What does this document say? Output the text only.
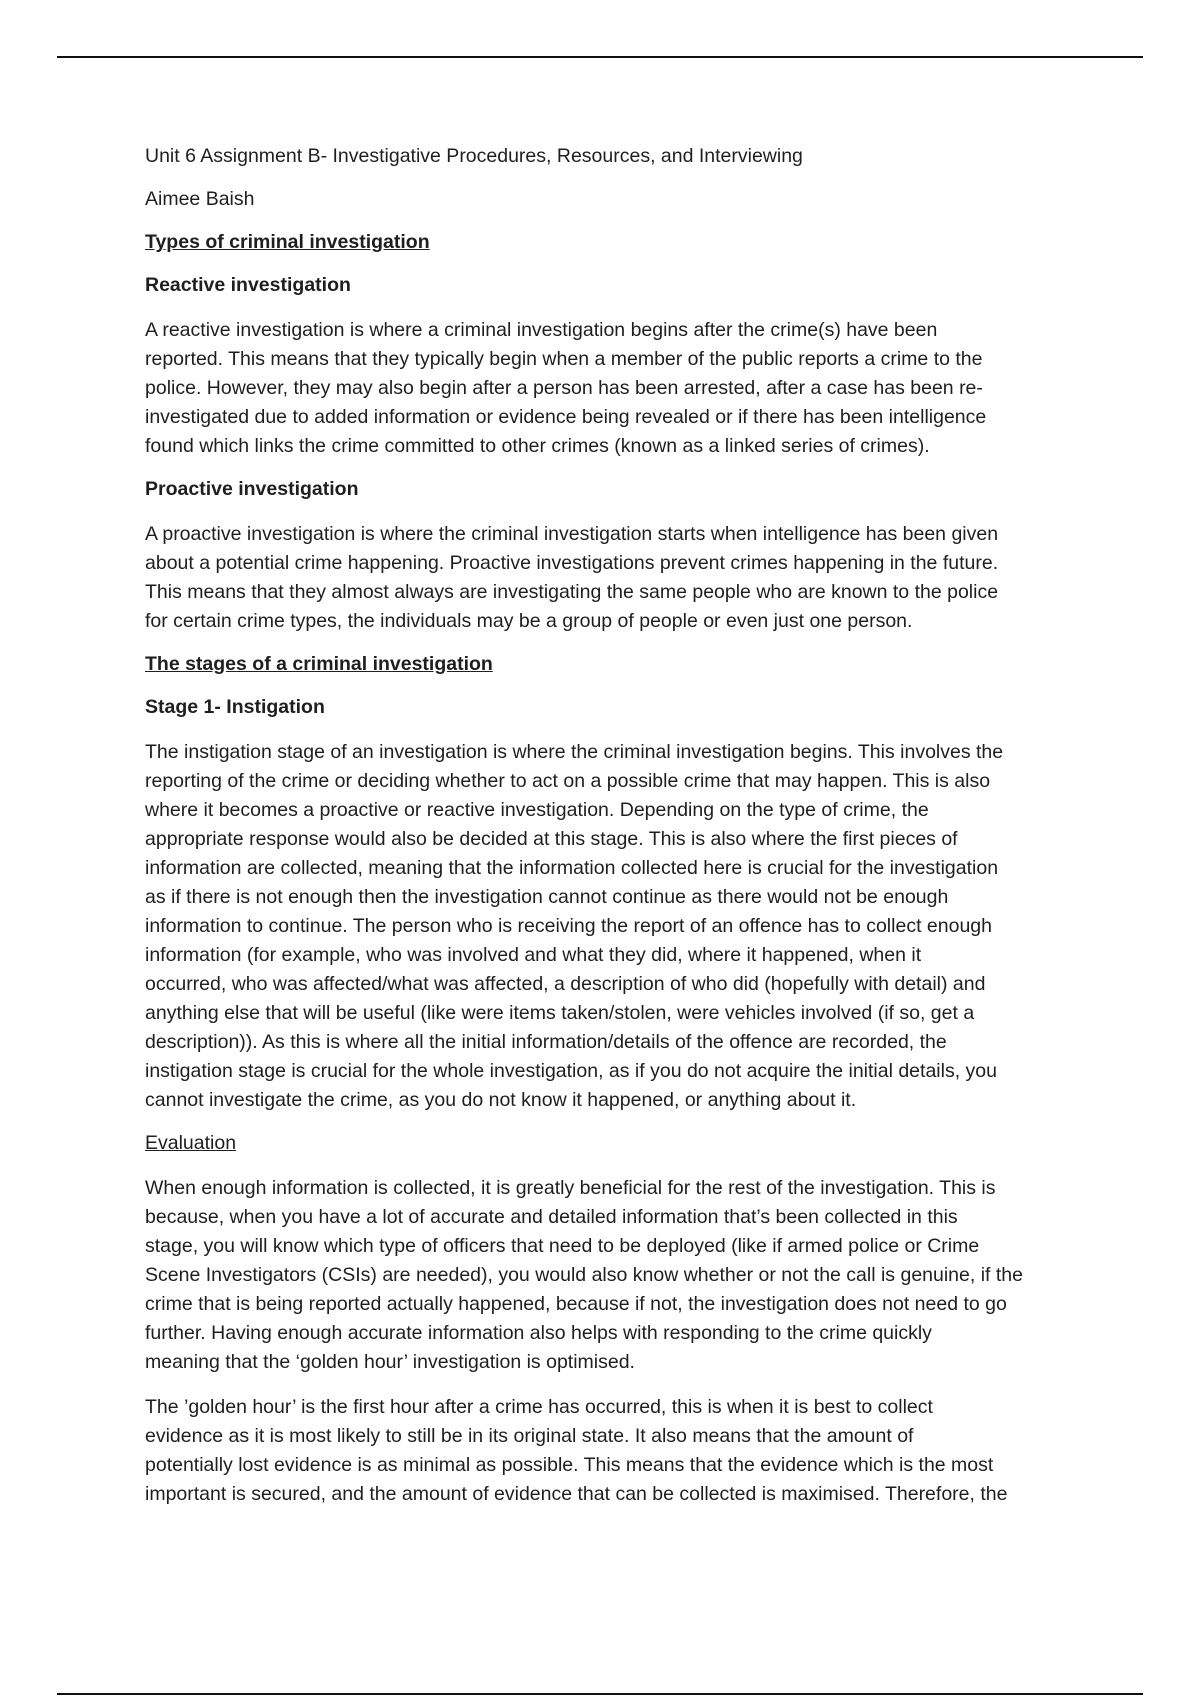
Unit 6 Assignment B- Investigative Procedures, Resources, and Interviewing
Aimee Baish
Types of criminal investigation
Reactive investigation
A reactive investigation is where a criminal investigation begins after the crime(s) have been
reported. This means that they typically begin when a member of the public reports a crime to the
police. However, they may also begin after a person has been arrested, after a case has been re-
investigated due to added information or evidence being revealed or if there has been intelligence
found which links the crime committed to other crimes (known as a linked series of crimes).
Proactive investigation
A proactive investigation is where the criminal investigation starts when intelligence has been given
about a potential crime happening. Proactive investigations prevent crimes happening in the future.
This means that they almost always are investigating the same people who are known to the police
for certain crime types, the individuals may be a group of people or even just one person.
The stages of a criminal investigation
Stage 1- Instigation
The instigation stage of an investigation is where the criminal investigation begins. This involves the
reporting of the crime or deciding whether to act on a possible crime that may happen. This is also
where it becomes a proactive or reactive investigation. Depending on the type of crime, the
appropriate response would also be decided at this stage. This is also where the first pieces of
information are collected, meaning that the information collected here is crucial for the investigation
as if there is not enough then the investigation cannot continue as there would not be enough
information to continue. The person who is receiving the report of an offence has to collect enough
information (for example, who was involved and what they did, where it happened, when it
occurred, who was affected/what was affected, a description of who did (hopefully with detail) and
anything else that will be useful (like were items taken/stolen, were vehicles involved (if so, get a
description)). As this is where all the initial information/details of the offence are recorded, the
instigation stage is crucial for the whole investigation, as if you do not acquire the initial details, you
cannot investigate the crime, as you do not know it happened, or anything about it.
Evaluation
When enough information is collected, it is greatly beneficial for the rest of the investigation. This is
because, when you have a lot of accurate and detailed information that’s been collected in this
stage, you will know which type of officers that need to be deployed (like if armed police or Crime
Scene Investigators (CSIs) are needed), you would also know whether or not the call is genuine, if the
crime that is being reported actually happened, because if not, the investigation does not need to go
further. Having enough accurate information also helps with responding to the crime quickly
meaning that the ‘golden hour’ investigation is optimised.
The ’golden hour’ is the first hour after a crime has occurred, this is when it is best to collect
evidence as it is most likely to still be in its original state. It also means that the amount of
potentially lost evidence is as minimal as possible. This means that the evidence which is the most
important is secured, and the amount of evidence that can be collected is maximised. Therefore, the
